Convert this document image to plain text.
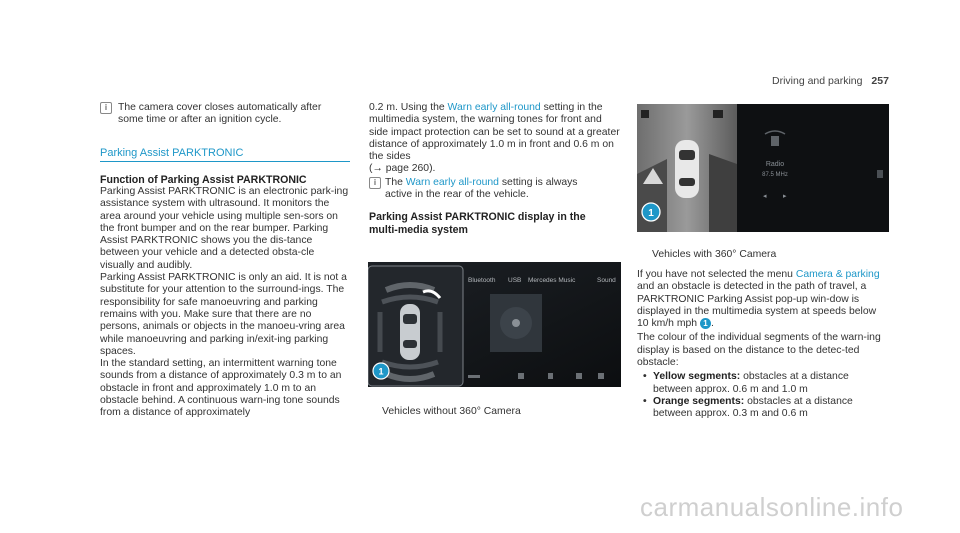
Driving and parking 257
i	The camera cover closes automatically after some time or after an ignition cycle.
Parking Assist PARKTRONIC
Function of Parking Assist PARKTRONIC

Parking Assist PARKTRONIC is an electronic park‐ing assistance system with ultrasound. It monitors the area around your vehicle using multiple sen‐sors on the front bumper and on the rear bumper. Parking Assist PARKTRONIC shows you the dis‐tance between your vehicle and a detected obsta‐cle visually and audibly.

Parking Assist PARKTRONIC is only an aid. It is not a substitute for your attention to the surround‐ings. The responsibility for safe manoeuvring and parking remains with you. Make sure that there are no persons, animals or objects in the manoeu‐vring area while manoeuvring and parking in/exit‐ing parking spaces.

In the standard setting, an intermittent warning tone sounds from a distance of approximately 0.3 m to an obstacle in front and approximately 1.0 m to an obstacle behind. A continuous warn‐ing tone sounds from a distance of approximately

0.2 m. Using the Warn early all-round setting in the multimedia system, the warning tones for front and side impact protection can be set to sound at a greater distance of approximately 1.0 m in front and 0.6 m on the sides
(→ page 260).

i The Warn early all-round setting is always active in the rear of the vehicle.
Parking Assist PARKTRONIC display in the multi‐media system
1
Bluetooth USB Mercedes Music	Sound
Vehicles without 360° Camera
1
Radio
87.5 MHz
◂ ▸
Vehicles with 360° Camera

If you have not selected the menu Camera & parking and an obstacle is detected in the path of travel, a PARKTRONIC Parking Assist pop-up win‐dow is displayed in the multimedia system at speeds below 10 km/h mph 1 .

The colour of the individual segments of the warn‐ing display is based on the distance to the detec‐ted obstacle:

• Yellow segments: obstacles at a distance between approx. 0.6 m and 1.0 m
• Orange segments: obstacles at a distance between approx. 0.3 m and 0.6 m
carmanualsonline.info
